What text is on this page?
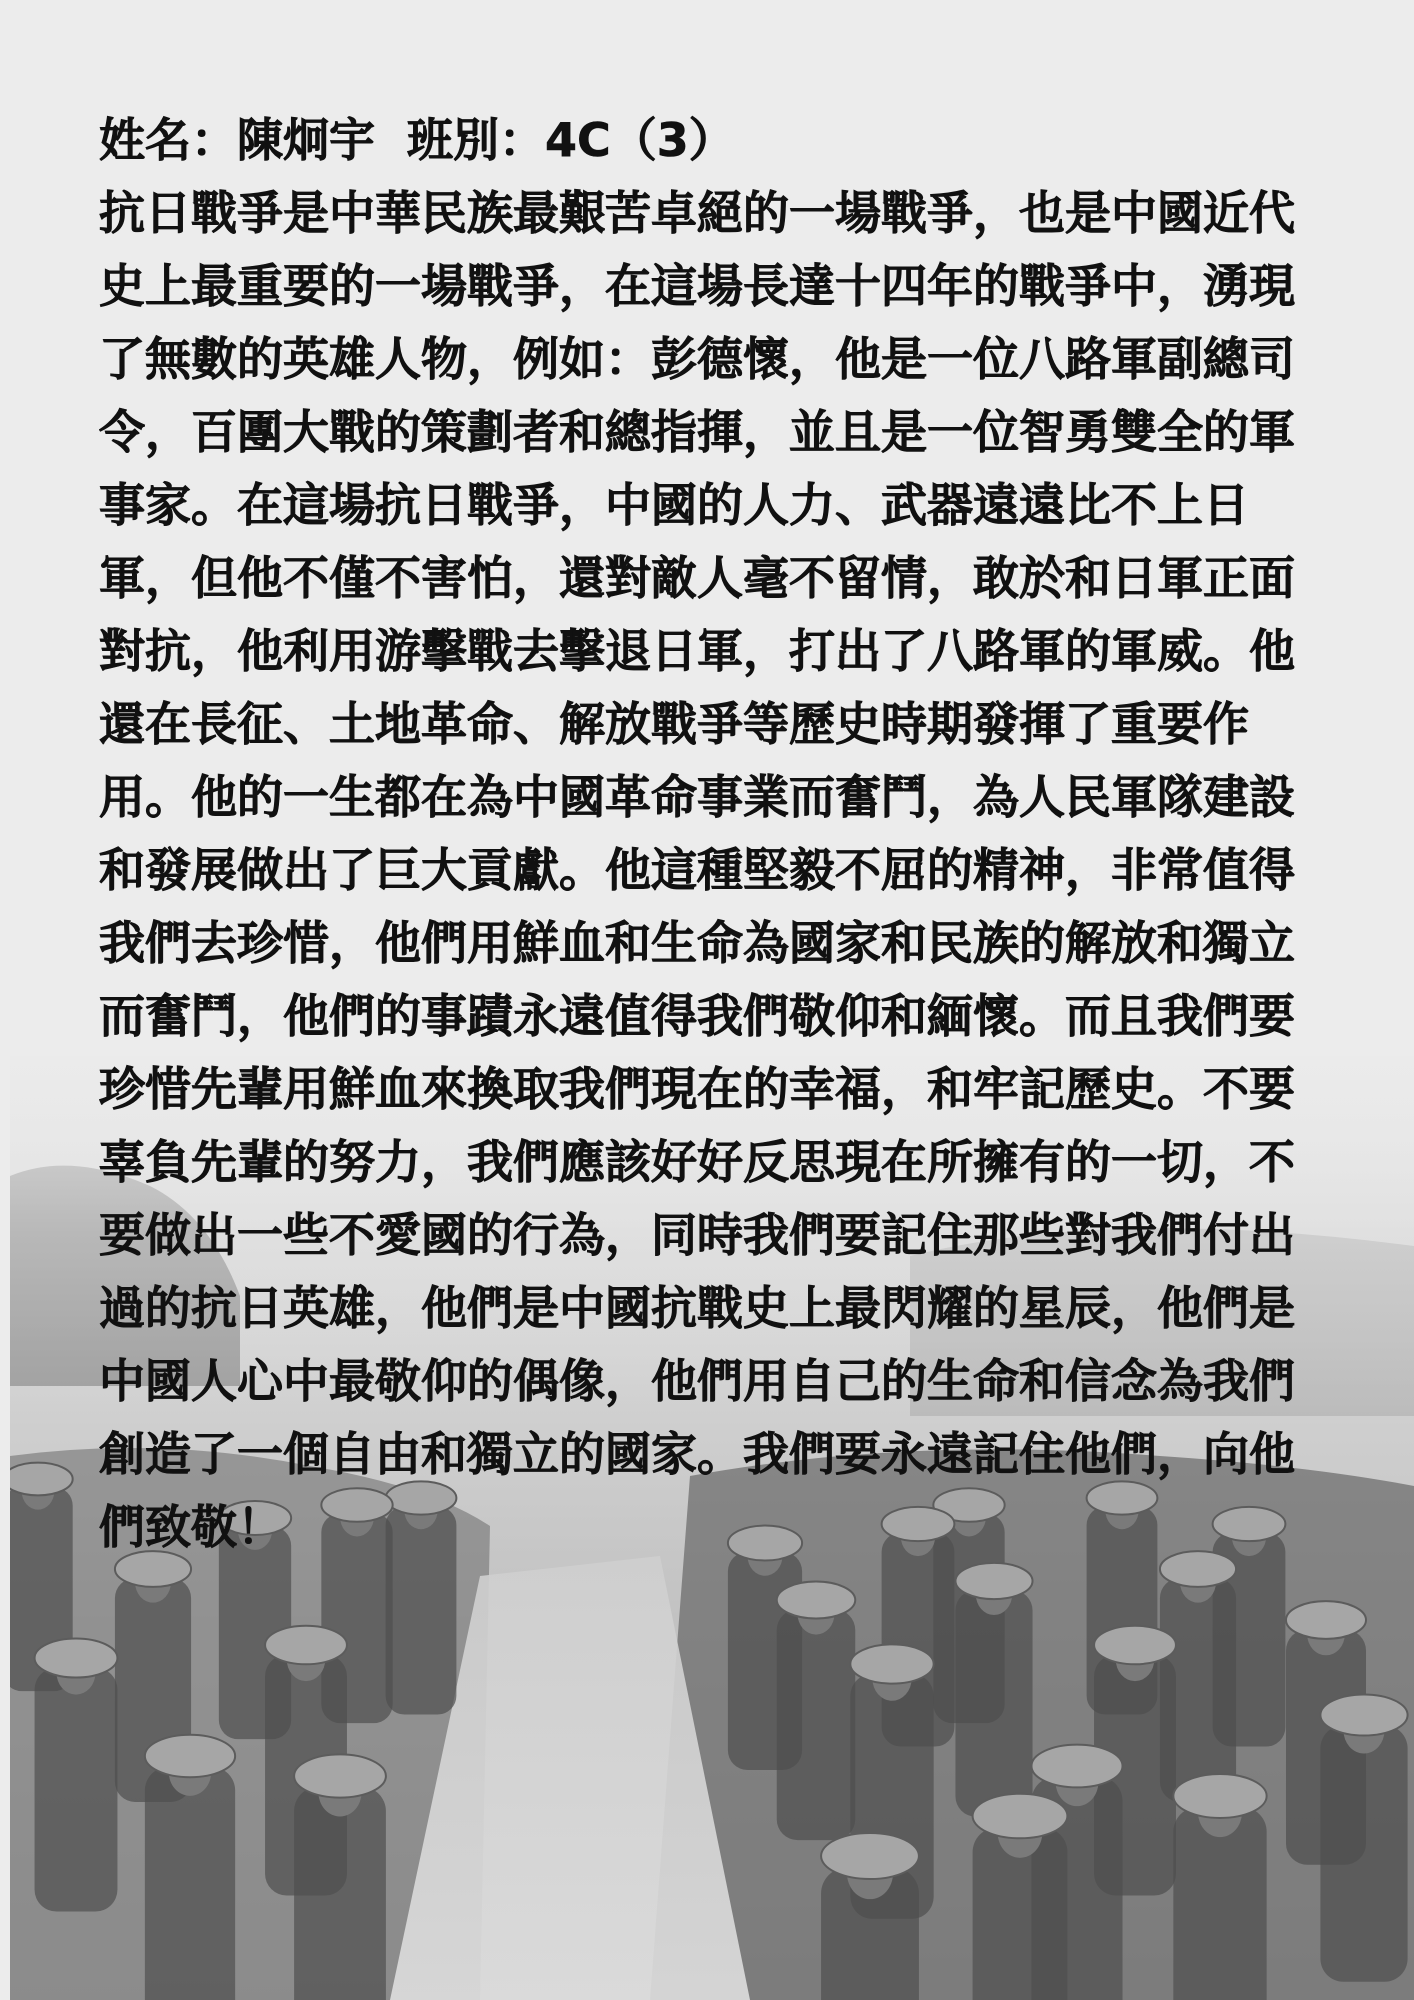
姓名：陳炯宇 班別：4C（3）
抗日戰爭是中華民族最艱苦卓絕的一場戰爭，也是中國近代
史上最重要的一場戰爭，在這場長達十四年的戰爭中，湧現
了無數的英雄人物，例如：彭德懷，他是一位八路軍副總司
令，百團大戰的策劃者和總指揮，並且是一位智勇雙全的軍
事家。在這場抗日戰爭，中國的人力、武器遠遠比不上日
軍，但他不僅不害怕，還對敵人毫不留情，敢於和日軍正面
對抗，他利用游擊戰去擊退日軍，打出了八路軍的軍威。他
還在長征、土地革命、解放戰爭等歷史時期發揮了重要作
用。他的一生都在為中國革命事業而奮鬥，為人民軍隊建設
和發展做出了巨大貢獻。他這種堅毅不屈的精神，非常值得
我們去珍惜，他們用鮮血和生命為國家和民族的解放和獨立
而奮鬥，他們的事蹟永遠值得我們敬仰和緬懷。而且我們要
珍惜先輩用鮮血來換取我們現在的幸福，和牢記歷史。不要
辜負先輩的努力，我們應該好好反思現在所擁有的一切，不
要做出一些不愛國的行為，同時我們要記住那些對我們付出
過的抗日英雄，他們是中國抗戰史上最閃耀的星辰，他們是
中國人心中最敬仰的偶像，他們用自己的生命和信念為我們
創造了一個自由和獨立的國家。我們要永遠記住他們，向他
們致敬！
